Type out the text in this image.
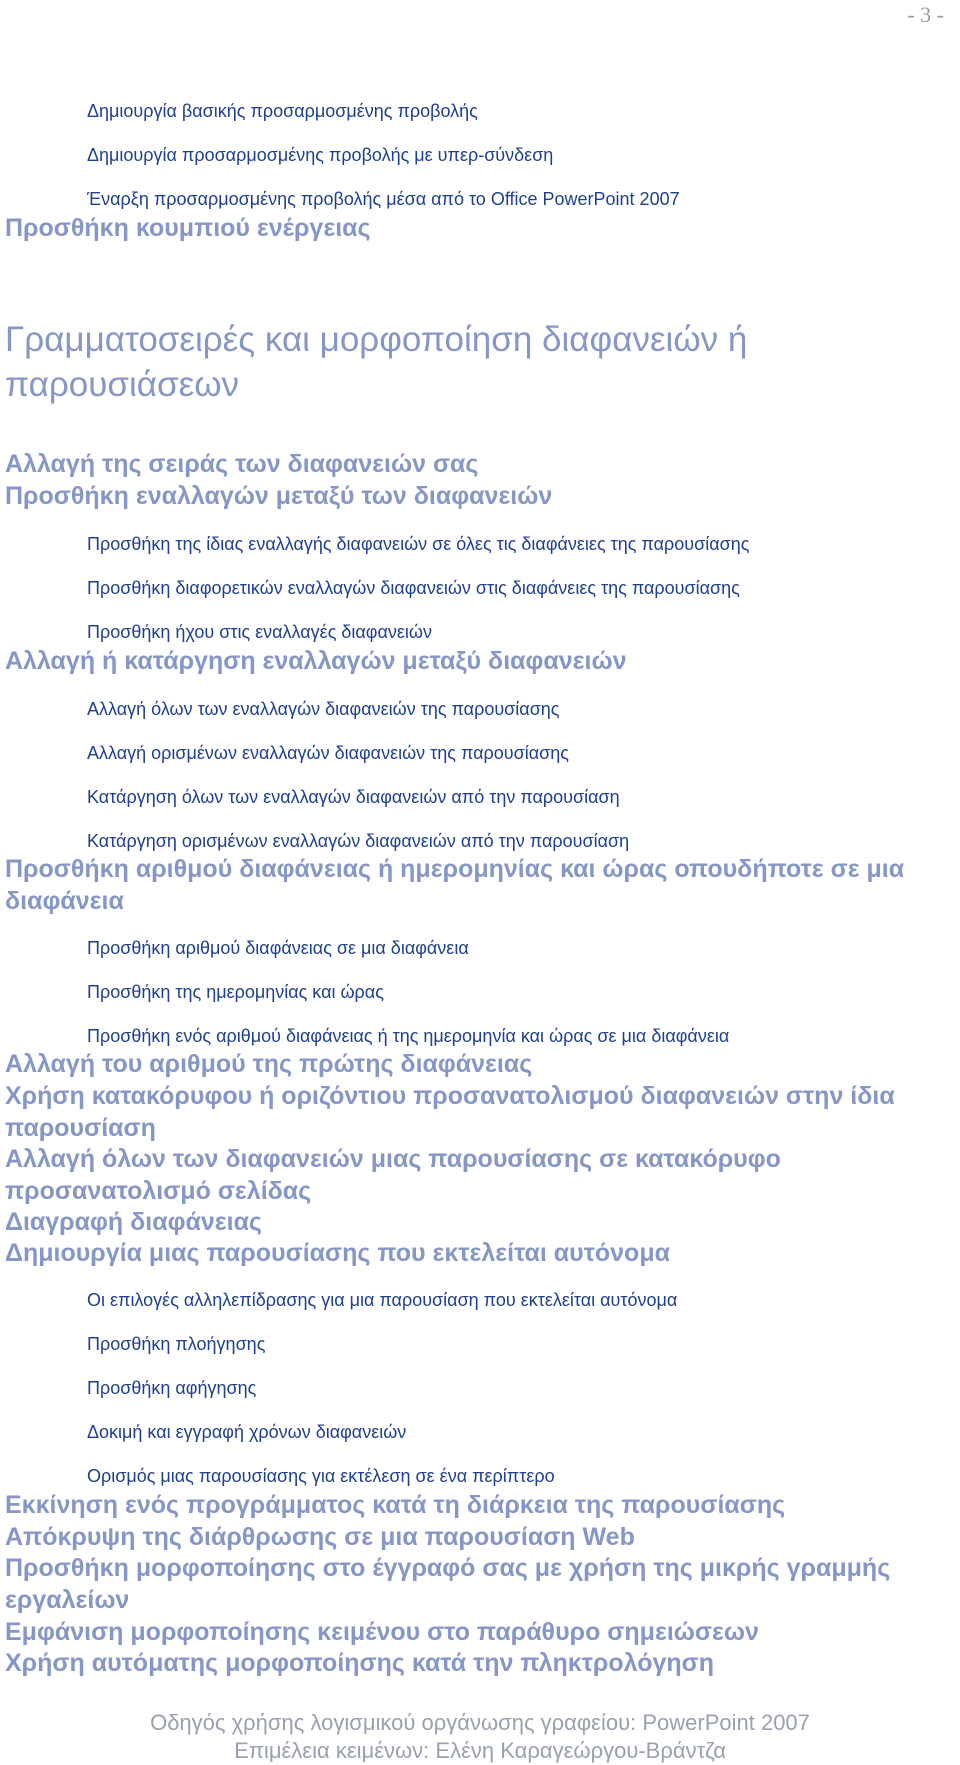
- 3 -
Δημιουργία βασικής προσαρμοσμένης προβολής
Δημιουργία προσαρμοσμένης προβολής με υπερ-σύνδεση
Έναρξη προσαρμοσμένης προβολής μέσα από το Office PowerPoint 2007
Προσθήκη κουμπιού ενέργειας
Γραμματοσειρές και μορφοποίηση διαφανειών ή παρουσιάσεων
Αλλαγή της σειράς των διαφανειών σας
Προσθήκη εναλλαγών μεταξύ των διαφανειών
Προσθήκη της ίδιας εναλλαγής διαφανειών σε όλες τις διαφάνειες της παρουσίασης
Προσθήκη διαφορετικών εναλλαγών διαφανειών στις διαφάνειες της παρουσίασης
Προσθήκη ήχου στις εναλλαγές διαφανειών
Αλλαγή ή κατάργηση εναλλαγών μεταξύ διαφανειών
Αλλαγή όλων των εναλλαγών διαφανειών της παρουσίασης
Αλλαγή ορισμένων εναλλαγών διαφανειών της παρουσίασης
Κατάργηση όλων των εναλλαγών διαφανειών από την παρουσίαση
Κατάργηση ορισμένων εναλλαγών διαφανειών από την παρουσίαση
Προσθήκη αριθμού διαφάνειας ή ημερομηνίας και ώρας οπουδήποτε σε μια διαφάνεια
Προσθήκη αριθμού διαφάνειας σε μια διαφάνεια
Προσθήκη της ημερομηνίας και ώρας
Προσθήκη ενός αριθμού διαφάνειας ή της ημερομηνία και ώρας σε μια διαφάνεια
Αλλαγή του αριθμού της πρώτης διαφάνειας
Χρήση κατακόρυφου ή οριζόντιου προσανατολισμού διαφανειών στην ίδια παρουσίαση
Αλλαγή όλων των διαφανειών μιας παρουσίασης σε κατακόρυφο προσανατολισμό σελίδας
Διαγραφή διαφάνειας
Δημιουργία μιας παρουσίασης που εκτελείται αυτόνομα
Οι επιλογές αλληλεπίδρασης για μια παρουσίαση που εκτελείται αυτόνομα
Προσθήκη πλοήγησης
Προσθήκη αφήγησης
Δοκιμή και εγγραφή χρόνων διαφανειών
Ορισμός μιας παρουσίασης για εκτέλεση σε ένα περίπτερο
Εκκίνηση ενός προγράμματος κατά τη διάρκεια της παρουσίασης
Απόκρυψη της διάρθρωσης σε μια παρουσίαση Web
Προσθήκη μορφοποίησης στο έγγραφό σας με χρήση της μικρής γραμμής εργαλείων
Εμφάνιση μορφοποίησης κειμένου στο παράθυρο σημειώσεων
Χρήση αυτόματης μορφοποίησης κατά την πληκτρολόγηση
Οδηγός χρήσης λογισμικού οργάνωσης γραφείου: PowerPoint 2007
Επιμέλεια κειμένων: Ελένη Καραγεώργου-Βράντζα
